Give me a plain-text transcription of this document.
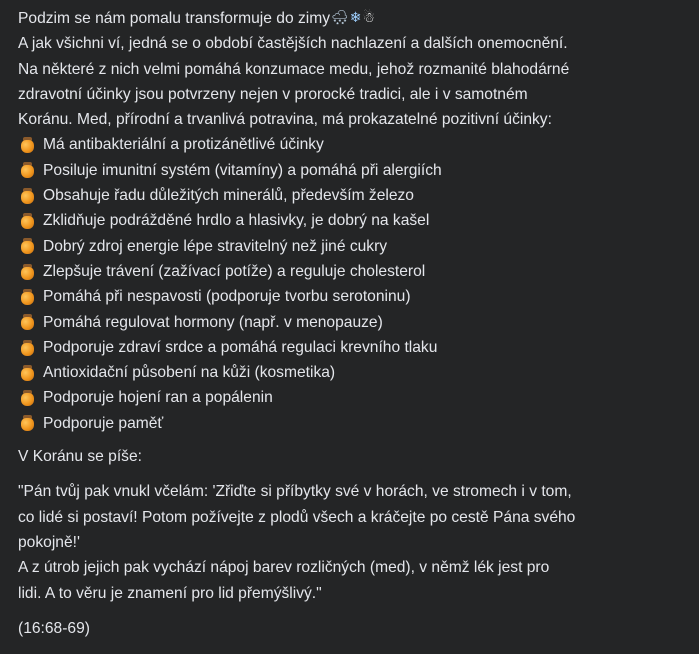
Podzim se nám pomalu transformuje do zimy🌨❄☃
A jak všichni ví, jedná se o období častějších nachlazení a dalších onemocnění.
Na některé z nich velmi pomáhá konzumace medu, jehož rozmanité blahodárné
zdravotní účinky jsou potvrzeny nejen v prorocké tradici, ale i v samotném
Koránu. Med, přírodní a trvanlivá potravina, má prokazatelné pozitivní účinky:
Má antibakteriální a protizánětlivé účinky
Posiluje imunitní systém (vitamíny) a pomáhá při alergiích
Obsahuje řadu důležitých minerálů, především železo
Zklidňuje podrážděné hrdlo a hlasivky, je dobrý na kašel
Dobrý zdroj energie lépe stravitelný než jiné cukry
Zlepšuje trávení (zažívací potíže) a reguluje cholesterol
Pomáhá při nespavosti (podporuje tvorbu serotoninu)
Pomáhá regulovat hormony (např. v menopauze)
Podporuje zdraví srdce a pomáhá regulaci krevního tlaku
Antioxidační působení na kůži (kosmetika)
Podporuje hojení ran a popálenin
Podporuje paměť

V Koránu se píše:

"Pán tvůj pak vnukl včelám: 'Zřiďte si příbytky své v horách, ve stromech i v tom,
co lidé si postaví! Potom požívejte z plodů všech a kráčejte po cestě Pána svého
pokojně!'
A z útrob jejich pak vychází nápoj barev rozličných (med), v němž lék jest pro
lidi. A to věru je znamení pro lid přemýšlivý."

(16:68-69)
